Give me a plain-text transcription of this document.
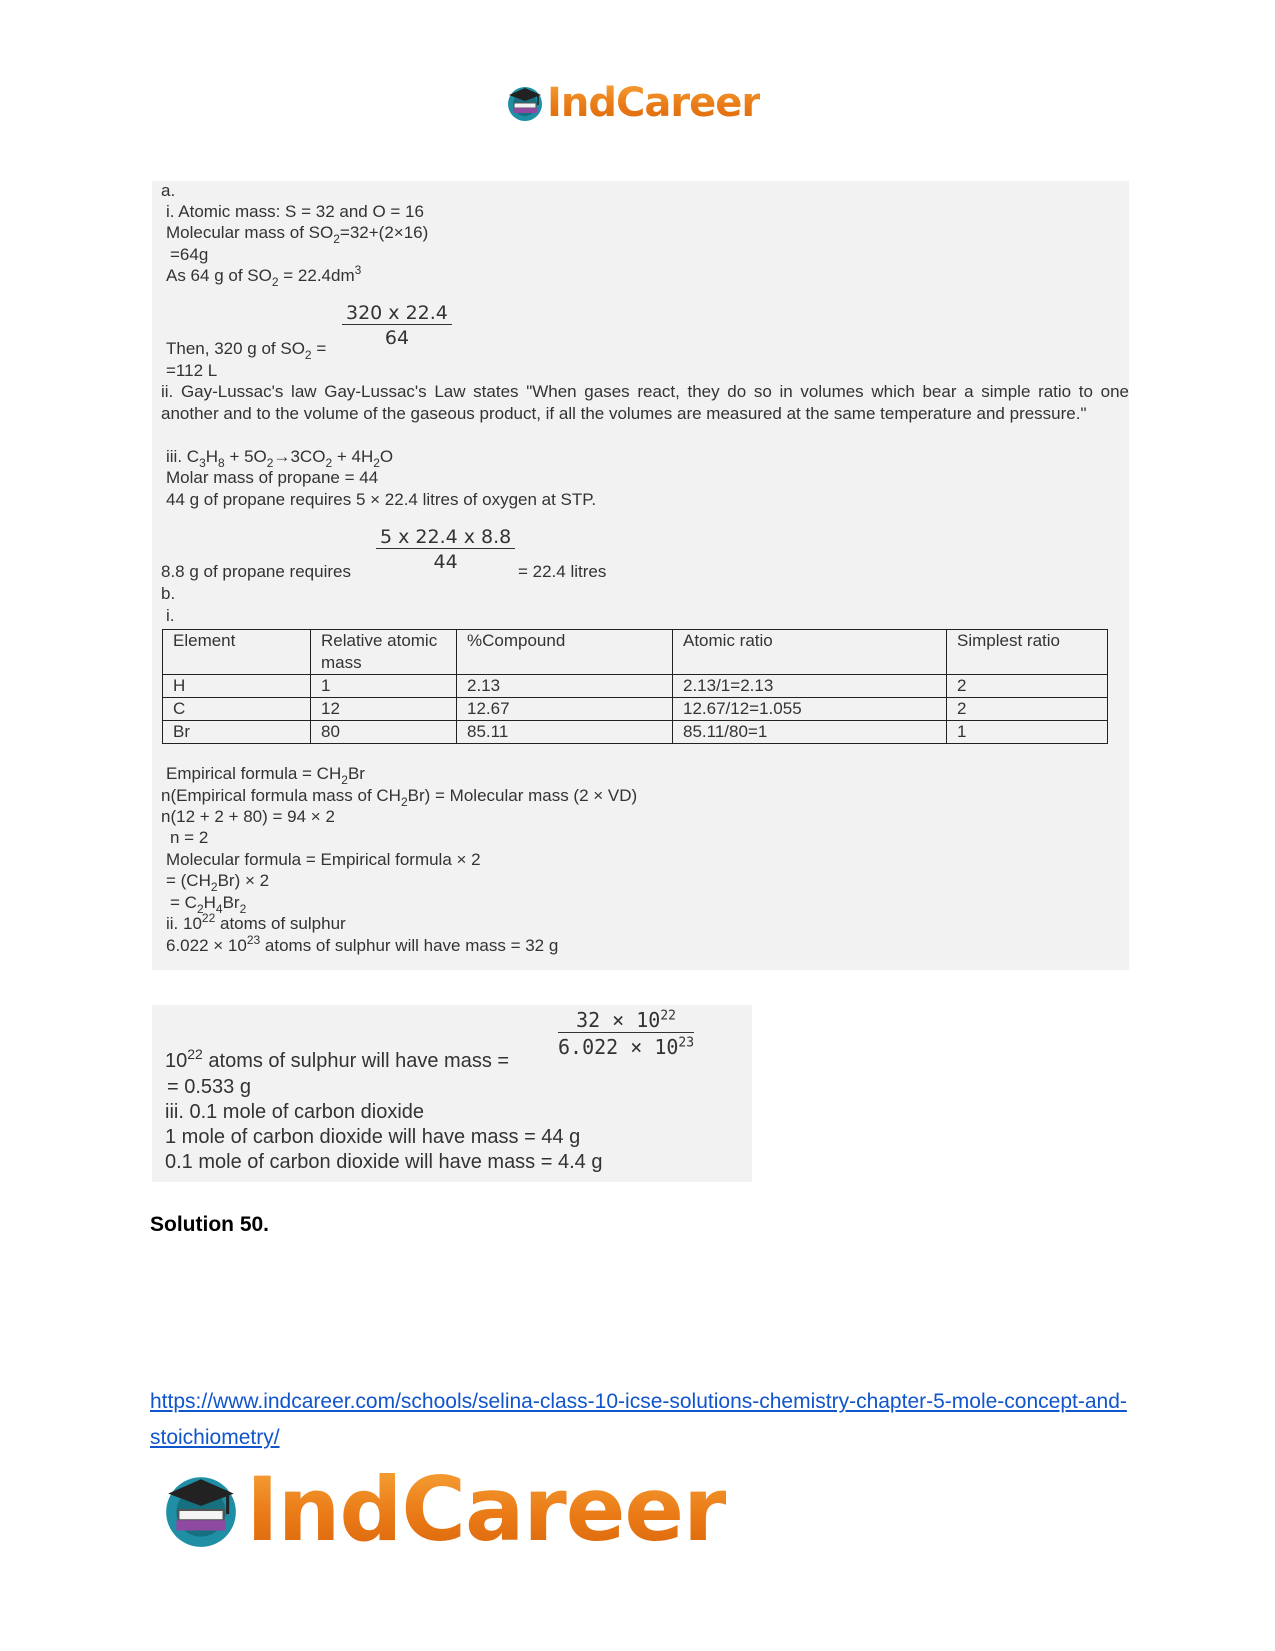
IndCareer
a.
i. Atomic mass: S = 32 and O = 16
Molecular mass of $SO_2=32+(2\times 16)$
=64g
As 64 g of $SO_2 = 22.4dm^3$
$\frac{320 x 22.4}{64}$
Then, 320 g of $SO_2$ =
=112 L
ii. Gay-Lussac's law Gay-Lussac's Law states "When gases react, they do so in volumes which bear a simple ratio to one another and to the volume of the gaseous product, if all the volumes are measured at the same temperature and pressure."
iii. $C_3H_8 + 5O_2\to 3CO_2 + 4H_2O$
Molar mass of propane = 44
44 g of propane requires 5 × 22.4 litres of oxygen at STP.
$\frac{5 x 22.4 x 8.8}{44}$
8.8 g of propane requires	= 22.4 litres
b.
i.
Element	Relative atomic mass	%Compound	Atomic ratio	Simplest ratio
H	1	2.13	2.13/1=2.13	2
C	12	12.67	12.67/12=1.055	2
Br	80	85.11	85.11/80=1	1
Empirical formula = $CH_2Br$
n(Empirical formula mass of $CH_2Br$) = Molecular mass (2 × VD)
n(12 + 2 + 80) = 94 × 2
n = 2
Molecular formula = Empirical formula × 2
= $(CH_2Br) \times 2$
= $C_2H_4Br_2$
ii. $10^{22}$ atoms of sulphur
$6.022 \times 10^{23}$ atoms of sulphur will have mass = 32 g
$\frac{32 \times 10^{22}}{6.022 \times 10^{23}}$
$10^{22}$ atoms of sulphur will have mass =
= 0.533 g
iii. 0.1 mole of carbon dioxide
1 mole of carbon dioxide will have mass = 44 g
0.1 mole of carbon dioxide will have mass = 4.4 g
Solution 50.
https://www.indcareer.com/schools/selina-class-10-icse-solutions-chemistry-chapter-5-mole-concept-and-stoichiometry/
IndCareer
